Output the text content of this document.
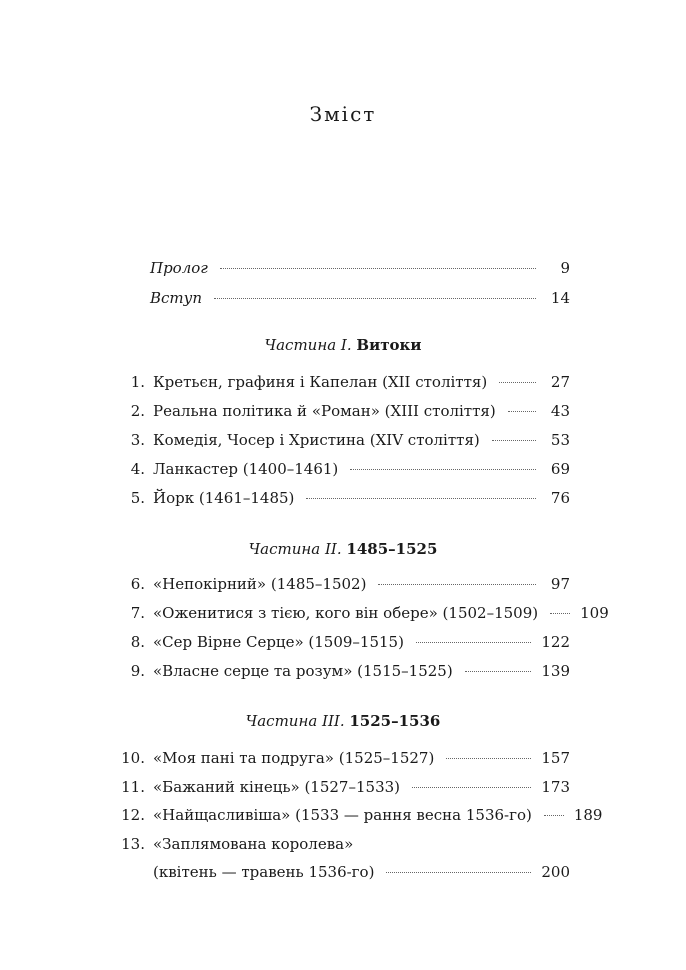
Зміст
Пролог	9
Вступ	14
Частина I. Витоки
1. Кретьєн, графиня і Капелан (XII століття)	27
2. Реальна політика й «Роман» (XIII століття)	43
3. Комедія, Чосер і Христина (XIV століття)	53
4. Ланкастер (1400–1461)	69
5. Йорк (1461–1485)	76
Частина II. 1485–1525
6. «Непокірний» (1485–1502)	97
7. «Оженитися з тією, кого він обере» (1502–1509)	109
8. «Сер Вірне Серце» (1509–1515)	122
9. «Власне серце та розум» (1515–1525)	139
Частина III. 1525–1536
10. «Моя пані та подруга» (1525–1527)	157
11. «Бажаний кінець» (1527–1533)	173
12. «Найщасливіша» (1533 — рання весна 1536-го)	189
13. «Заплямована королева»
(квітень — травень 1536-го)	200
